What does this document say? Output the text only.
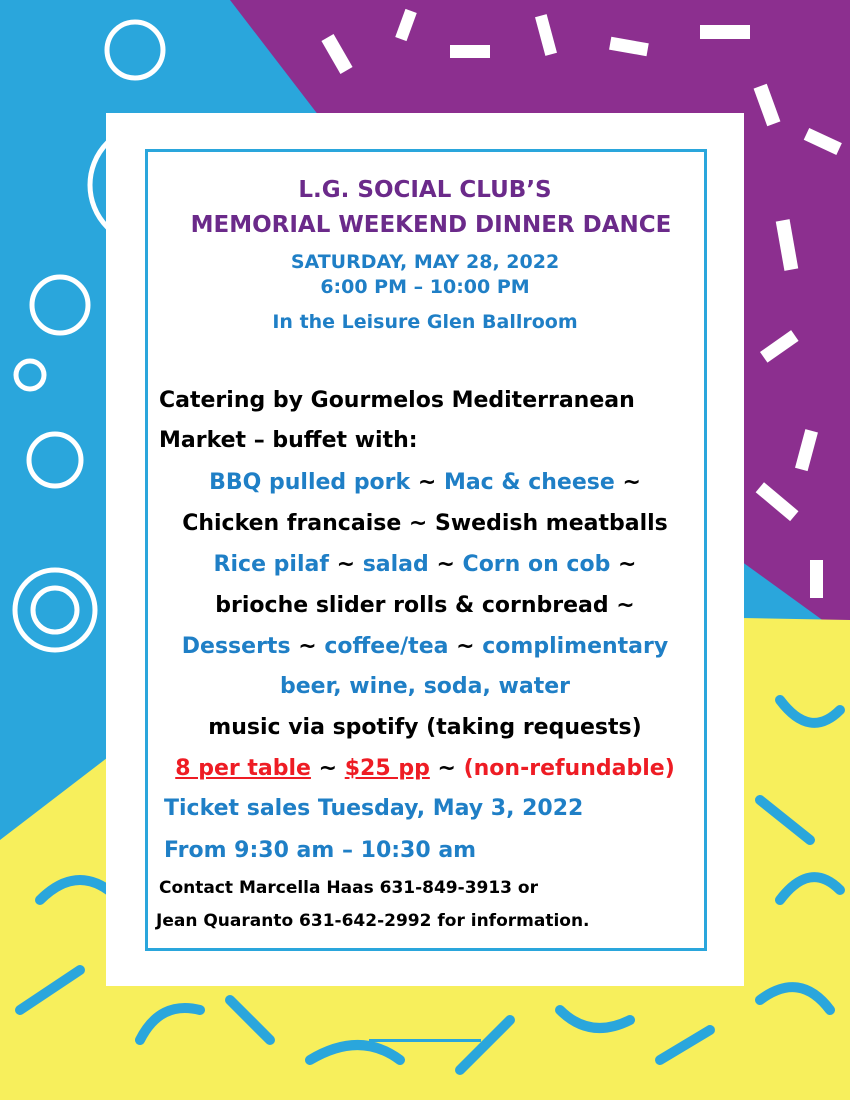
L.G. SOCIAL CLUB’S
MEMORIAL WEEKEND DINNER DANCE
SATURDAY, MAY 28, 2022
6:00 PM – 10:00 PM
In the Leisure Glen Ballroom
Catering by Gourmelos Mediterranean
Market – buffet with:
BBQ pulled pork ~ Mac & cheese ~
Chicken francaise ~ Swedish meatballs
Rice pilaf ~ salad ~ Corn on cob ~
brioche slider rolls & cornbread ~
Desserts ~ coffee/tea ~ complimentary
beer, wine, soda, water
music via spotify (taking requests)
8 per table ~ $25 pp ~ (non-refundable)
Ticket sales Tuesday, May 3, 2022
From 9:30 am – 10:30 am
Contact Marcella Haas 631-849-3913 or
Jean Quaranto 631-642-2992 for information.
